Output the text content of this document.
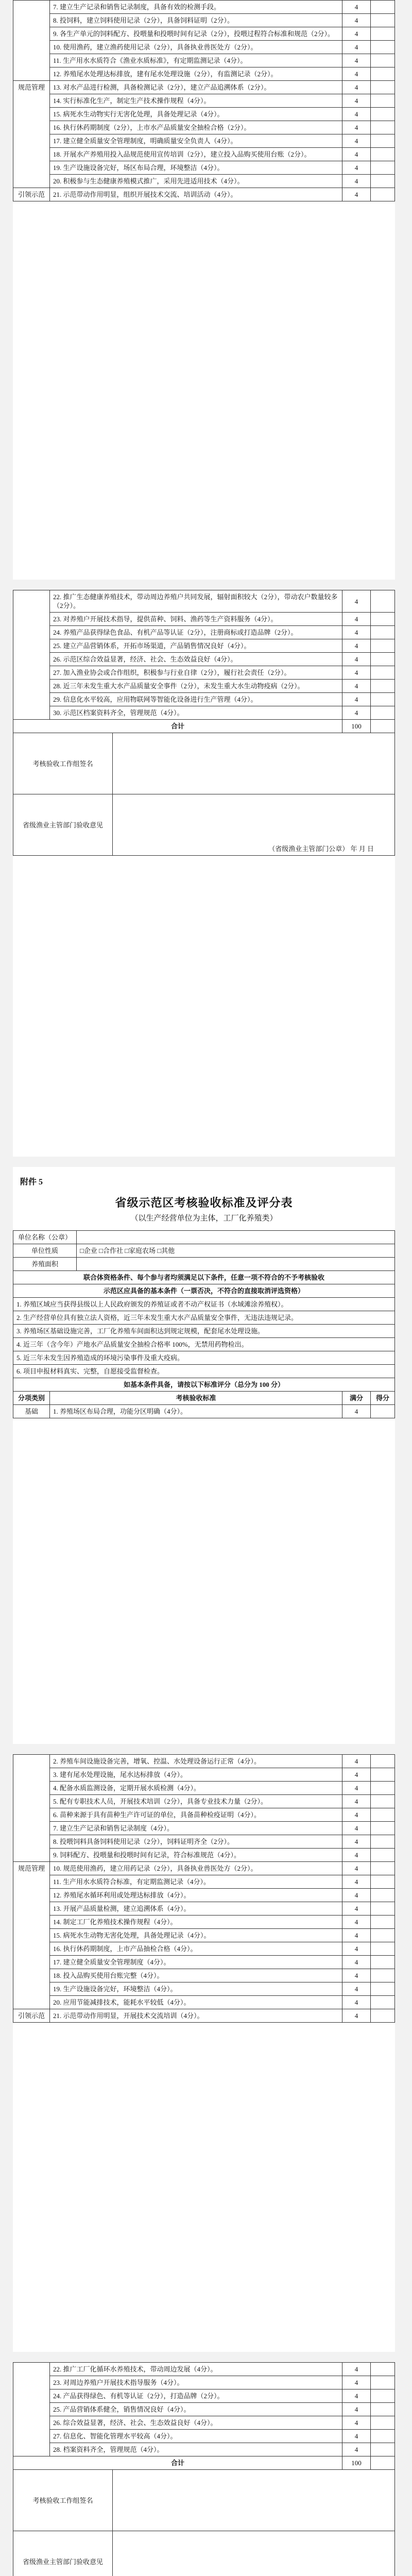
	7. 建立生产记录和销售记录制度，具备有效的检测手段。	4	
	8. 投饲料，建立饲料使用记录（2分），具备饲料证明（2分）。	4	
	9. 各生产单元的饲料配方、投喂量和投喂时间有记录（2分），投喂过程符合标准和规范（2分）。	4	
	10. 使用渔药，建立渔药使用记录（2分），具备执业兽医处方（2分）。	4	
	11. 生产用水水质符合《渔业水质标准》，有定期监测记录（4分）。	4	
	12. 养殖尾水处理达标排放，建有尾水处理设施（2分），有监测记录（2分）。	4	
规范管理	13. 对水产品进行检测，具备检测记录（2分），建立产品追溯体系（2分）。	4	
	14. 实行标准化生产，制定生产技术操作规程（4分）。	4	
	15. 病死水生动物实行无害化处理，具备处理记录（4分）。	4	
	16. 执行休药期制度（2分），上市水产品质量安全抽检合格（2分）。	4	
	17. 建立健全质量安全管理制度，明确质量安全负责人（4分）。	4	
	18. 开展水产养殖用投入品规范使用宣传培训（2分），建立投入品购买使用台账（2分）。	4	
	19. 生产设施设备完好，场区布局合理，环境整洁（4分）。	4	
	20. 积极参与生态健康养殖模式推广，采用先进适用技术（4分）。	4	
引领示范	21. 示范带动作用明显，组织开展技术交流、培训活动（4分）。	4	
	22. 推广生态健康养殖技术，带动周边养殖户共同发展，辐射面积较大（2分），带动农户数量较多（2分）。	4	
	23. 对养殖户开展技术指导，提供苗种、饲料、渔药等生产资料服务（4分）。	4	
	24. 养殖产品获得绿色食品、有机产品等认证（2分），注册商标或打造品牌（2分）。	4	
	25. 建立产品营销体系，开拓市场渠道，产品销售情况良好（4分）。	4	
	26. 示范区综合效益显著，经济、社会、生态效益良好（4分）。	4	
	27. 加入渔业协会或合作组织，积极参与行业自律（2分），履行社会责任（2分）。	4	
	28. 近三年未发生重大水产品质量安全事件（2分），未发生重大水生动物疫病（2分）。	4	
	29. 信息化水平较高，应用物联网等智能化设备进行生产管理（4分）。	4	
	30. 示范区档案资料齐全，管理规范（4分）。	4	
合计	100	
考核验收工作组签名	
省级渔业主管部门验收意见	（省级渔业主管部门公章） 年 月 日
附件 5
省级示范区考核验收标准及评分表
（以生产经营单位为主体，工厂化养殖类）
单位名称（公章）	
单位性质	□企业 □合作社 □家庭农场 □其他
养殖面积	
联合体资格条件、每个参与者均须满足以下条件，任意一项不符合的不予考核验收	
示范区应具备的基本条件（一票否决，不符合的直接取消评选资格）	
1. 养殖区域应当获得县级以上人民政府颁发的养殖证或者不动产权证书（水域滩涂养殖权）。
2. 生产经营单位具有独立法人资格，近三年未发生重大水产品质量安全事件，无违法违规记录。
3. 养殖场区基础设施完善，工厂化养殖车间面积达到规定规模，配套尾水处理设施。
4. 近三年（含今年）产地水产品质量安全抽检合格率 100%，无禁用药物检出。
5. 近三年未发生因养殖造成的环境污染事件及重大疫病。
6. 项目申报材料真实、完整，自愿接受监督检查。
如基本条件具备，请按以下标准评分（总分为 100 分）
分项类别	考核验收标准	满分	得分
基础	1. 养殖场区布局合理，功能分区明确（4分）。	4	
	2. 养殖车间设施设备完善，增氧、控温、水处理设备运行正常（4分）。	4	
	3. 建有尾水处理设施，尾水达标排放（4分）。	4	
	4. 配备水质监测设备，定期开展水质检测（4分）。	4	
	5. 配有专职技术人员，开展技术培训（2分），具备专业技术力量（2分）。	4	
	6. 苗种来源于具有苗种生产许可证的单位，具备苗种检疫证明（4分）。	4	
	7. 建立生产记录和销售记录制度（4分）。	4	
	8. 投喂饲料具备饲料使用记录（2分），饲料证明齐全（2分）。	4	
	9. 饲料配方、投喂量和投喂时间有记录，符合标准规范（4分）。	4	
规范管理	10. 规范使用渔药，建立用药记录（2分），具备执业兽医处方（2分）。	4	
	11. 生产用水水质符合标准，有定期监测记录（4分）。	4	
	12. 养殖尾水循环利用或处理达标排放（4分）。	4	
	13. 开展产品质量检测，建立追溯体系（4分）。	4	
	14. 制定工厂化养殖技术操作规程（4分）。	4	
	15. 病死水生动物无害化处理，具备处理记录（4分）。	4	
	16. 执行休药期制度，上市产品抽检合格（4分）。	4	
	17. 建立健全质量安全管理制度（4分）。	4	
	18. 投入品购买使用台账完整（4分）。	4	
	19. 生产设施设备完好，环境整洁（4分）。	4	
	20. 应用节能减排技术，能耗水平较低（4分）。	4	
引领示范	21. 示范带动作用明显，开展技术交流培训（4分）。	4	
	22. 推广工厂化循环水养殖技术，带动周边发展（4分）。	4	
	23. 对周边养殖户开展技术指导服务（4分）。	4	
	24. 产品获得绿色、有机等认证（2分），打造品牌（2分）。	4	
	25. 产品营销体系健全，销售情况良好（4分）。	4	
	26. 综合效益显著，经济、社会、生态效益良好（4分）。	4	
	27. 信息化、智能化管理水平较高（4分）。	4	
	28. 档案资料齐全，管理规范（4分）。	4	
合计	100	
考核验收工作组签名	
省级渔业主管部门验收意见	
